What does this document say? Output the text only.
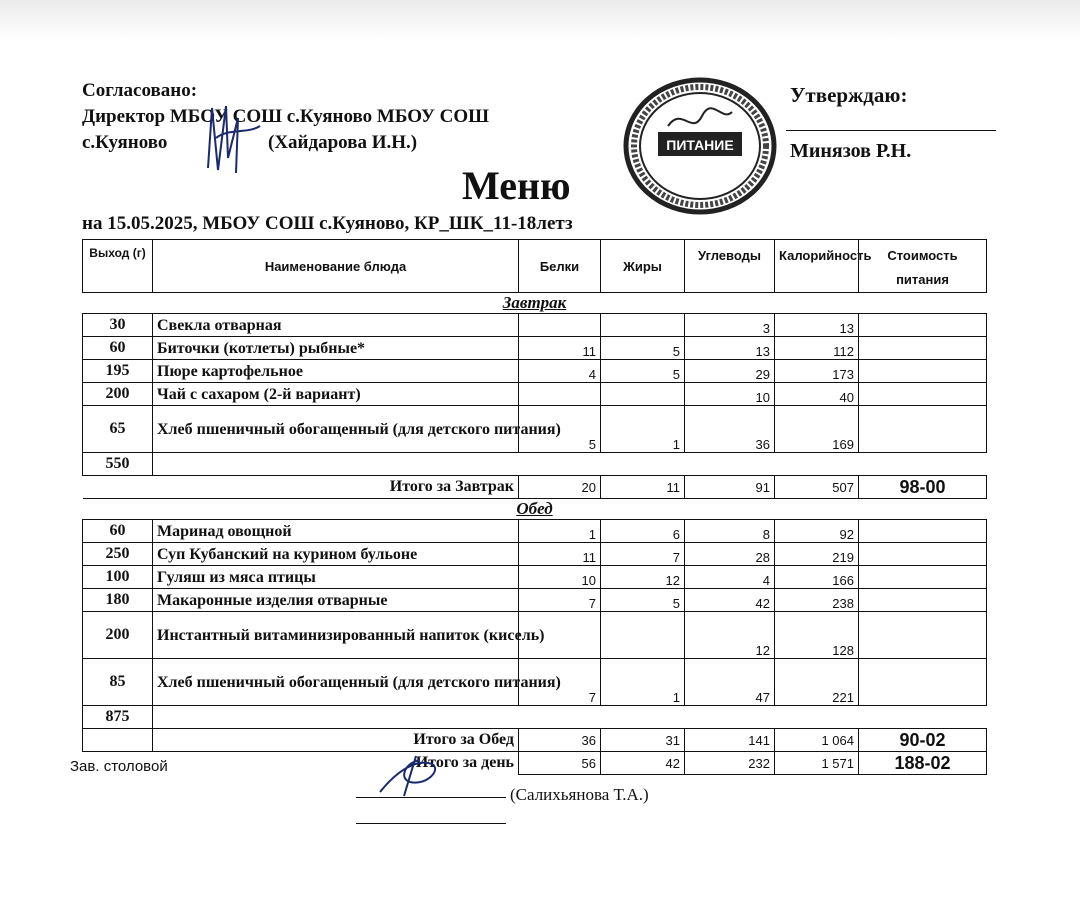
Согласовано:
Директор МБОУ СОШ с.Куяново МБОУ СОШ
с.Куяново	(Хайдарова И.Н.)
Утверждаю:
Минязов Р.Н.
ПИТАНИЕ
Меню
на 15.05.2025, МБОУ СОШ с.Куяново, КР_ШК_11-18летз
Выход (г)	Наименование блюда	Белки	Жиры	Углеводы	Калорийность	Стоимость питания
Завтрак						
30	Свекла отварная			3	13	
60	Биточки (котлеты) рыбные*	11	5	13	112	
195	Пюре картофельное	4	5	29	173	
200	Чай с сахаром (2-й вариант)			10	40	
65	Хлеб пшеничный обогащенный (для детского питания)	5	1	36	169	
550						
Итого за Завтрак		20	11	91	507	98-00
Обед						
60	Маринад овощной	1	6	8	92	
250	Суп Кубанский на курином бульоне	11	7	28	219	
100	Гуляш из мяса птицы	10	12	4	166	
180	Макаронные изделия отварные	7	5	42	238	
200	Инстантный витаминизированный напиток (кисель)			12	128	
85	Хлеб пшеничный обогащенный (для детского питания)	7	1	47	221	
875						
	Итого за Обед	36	31	141	1 064	90-02
Итого за день		56	42	232	1 571	188-02
Зав. столовой
(Салихьянова Т.А.)
